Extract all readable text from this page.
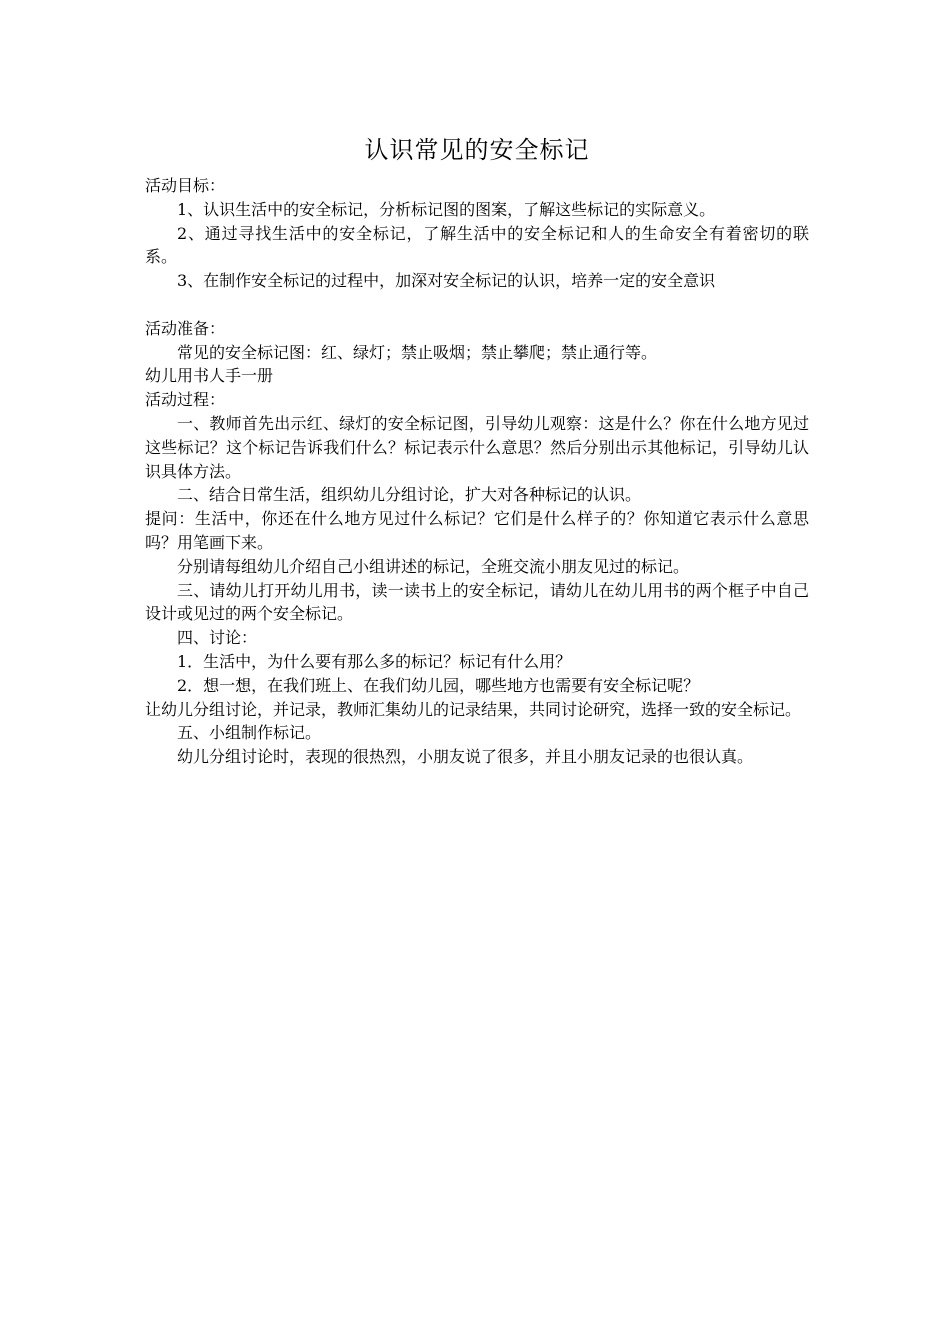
认识常见的安全标记

活动目标：

1、认识生活中的安全标记，分析标记图的图案，了解这些标记的实际意义。

2、通过寻找生活中的安全标记，了解生活中的安全标记和人的生命安全有着密切的联系。

3、在制作安全标记的过程中，加深对安全标记的认识，培养一定的安全意识

活动准备：

常见的安全标记图：红、绿灯；禁止吸烟；禁止攀爬；禁止通行等。

幼儿用书人手一册

活动过程：

一、教师首先出示红、绿灯的安全标记图，引导幼儿观察：这是什么？你在什么地方见过这些标记？这个标记告诉我们什么？标记表示什么意思？然后分别出示其他标记，引导幼儿认识具体方法。

二、结合日常生活，组织幼儿分组讨论，扩大对各种标记的认识。

提问：生活中，你还在什么地方见过什么标记？它们是什么样子的？你知道它表示什么意思吗？用笔画下来。

分别请每组幼儿介绍自己小组讲述的标记，全班交流小朋友见过的标记。

三、请幼儿打开幼儿用书，读一读书上的安全标记，请幼儿在幼儿用书的两个框子中自己设计或见过的两个安全标记。

四、讨论：

1．生活中，为什么要有那么多的标记？标记有什么用？

2．想一想，在我们班上、在我们幼儿园，哪些地方也需要有安全标记呢？

让幼儿分组讨论，并记录，教师汇集幼儿的记录结果，共同讨论研究，选择一致的安全标记。

五、小组制作标记。

幼儿分组讨论时，表现的很热烈，小朋友说了很多，并且小朋友记录的也很认真。
